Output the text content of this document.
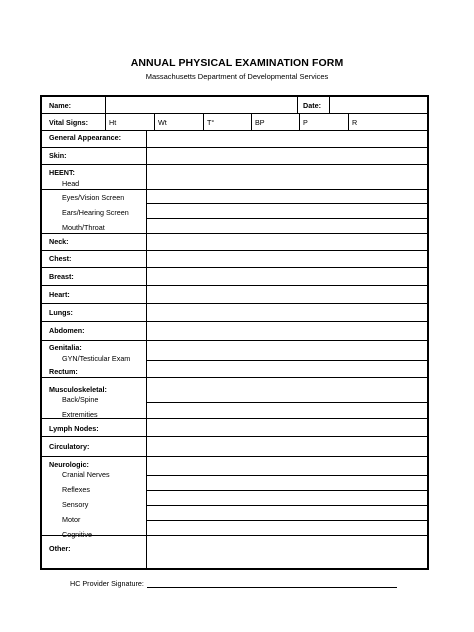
ANNUAL PHYSICAL EXAMINATION FORM
Massachusetts Department of Developmental Services
Name:	Date:
Vital Signs:	Ht	Wt	T°	BP	P	R
General Appearance:
Skin:
HEENT:
Head
Eyes/Vision Screen
Ears/Hearing Screen
Mouth/Throat
Neck:
Chest:
Breast:
Heart:
Lungs:
Abdomen:
Genitalia:
GYN/Testicular Exam
Rectum:
Musculoskeletal:
Back/Spine
Extremities
Lymph Nodes:
Circulatory:
Neurologic:
Cranial Nerves
Reflexes
Sensory
Motor
Cognitive
Other:
HC Provider Signature:
